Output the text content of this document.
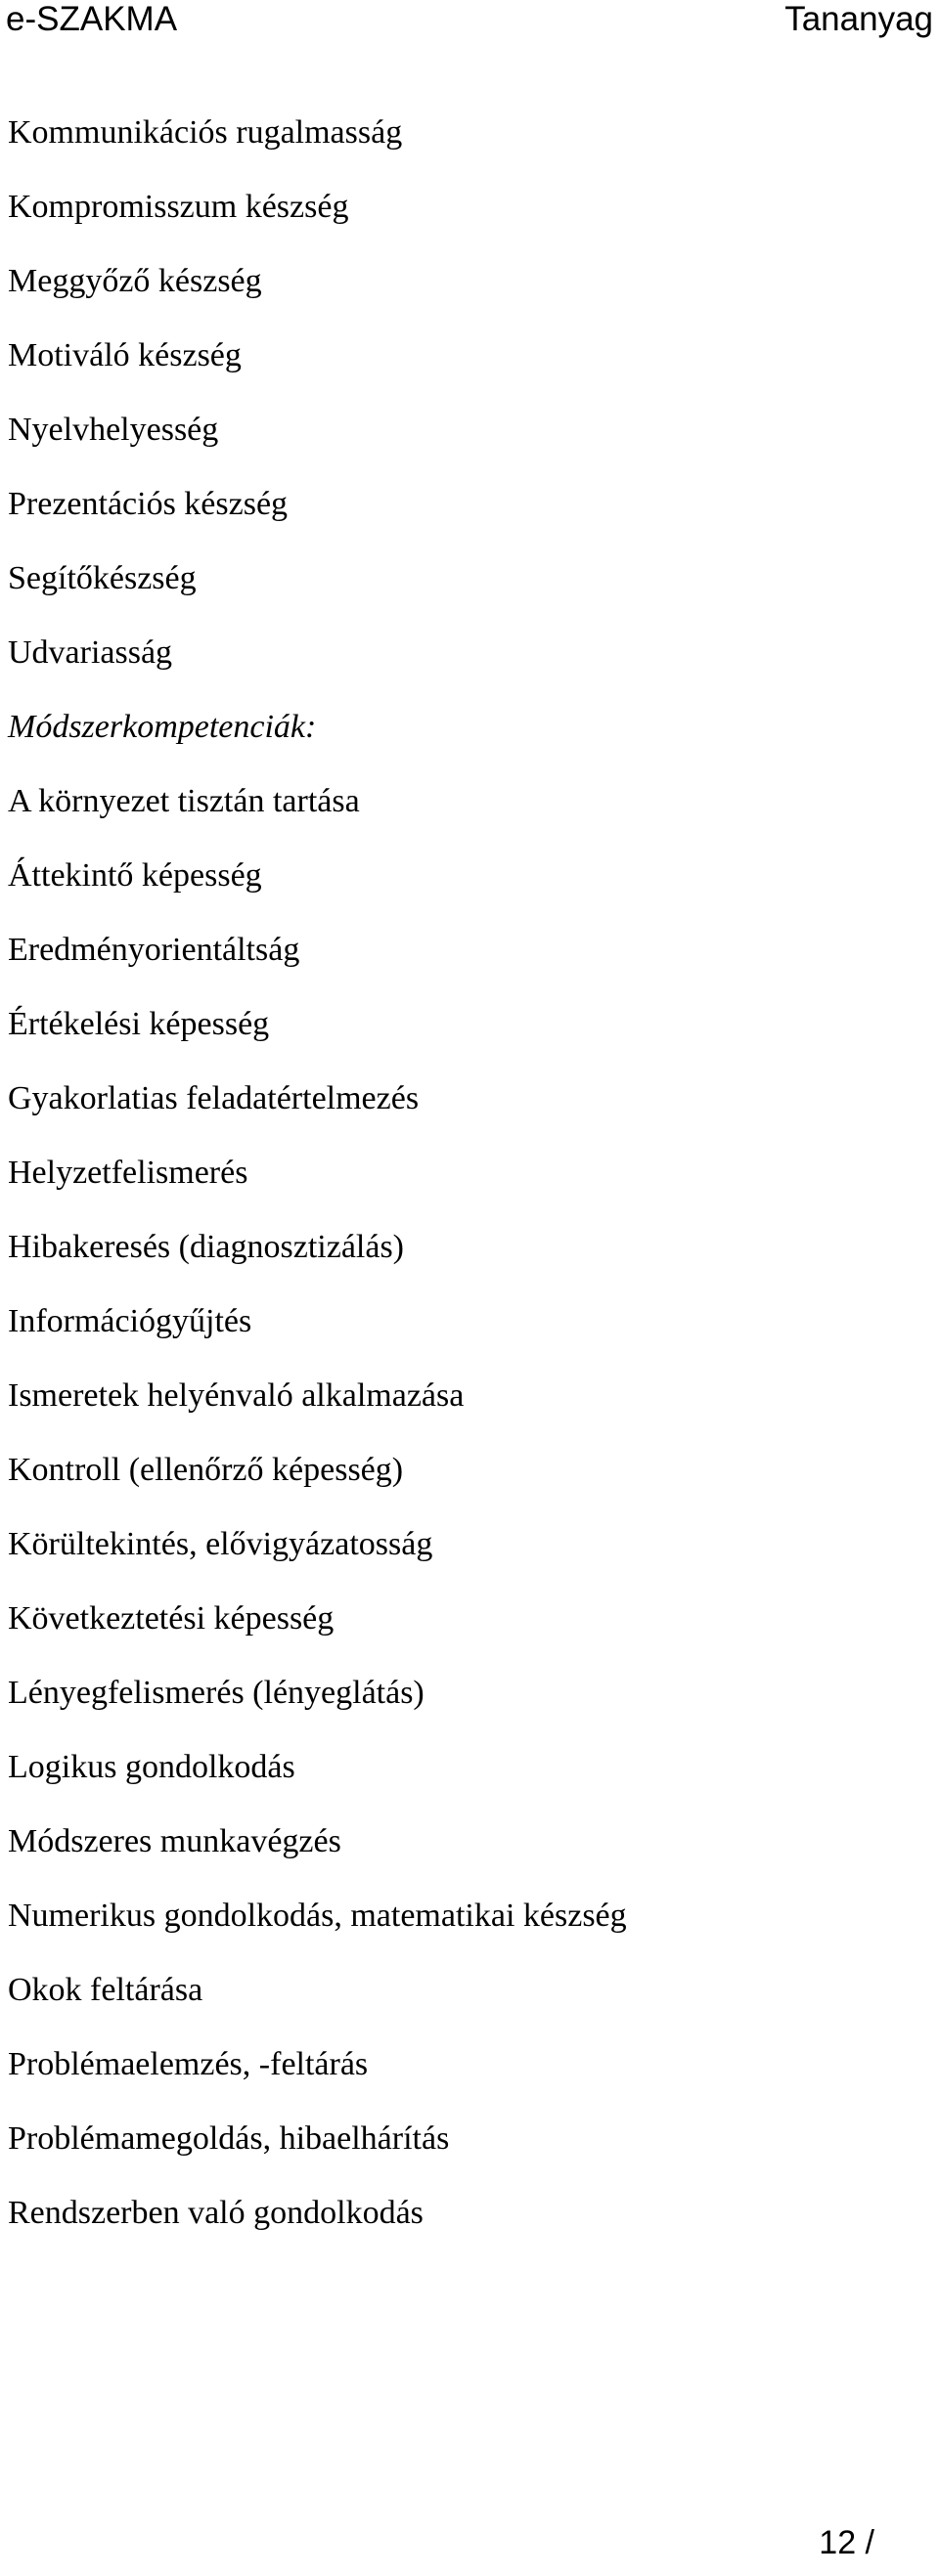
e-SZAKMA	Tananyag
Kommunikációs rugalmasság
Kompromisszum készség
Meggyőző készség
Motiváló készség
Nyelvhelyesség
Prezentációs készség
Segítőkészség
Udvariasság
Módszerkompetenciák:
A környezet tisztán tartása
Áttekintő képesség
Eredményorientáltság
Értékelési képesség
Gyakorlatias feladatértelmezés
Helyzetfelismerés
Hibakeresés (diagnosztizálás)
Információgyűjtés
Ismeretek helyénvaló alkalmazása
Kontroll (ellenőrző képesség)
Körültekintés, elővigyázatosság
Következtetési képesség
Lényegfelismerés (lényeglátás)
Logikus gondolkodás
Módszeres munkavégzés
Numerikus gondolkodás, matematikai készség
Okok feltárása
Problémaelemzés, -feltárás
Problémamegoldás, hibaelhárítás
Rendszerben való gondolkodás
12 /
